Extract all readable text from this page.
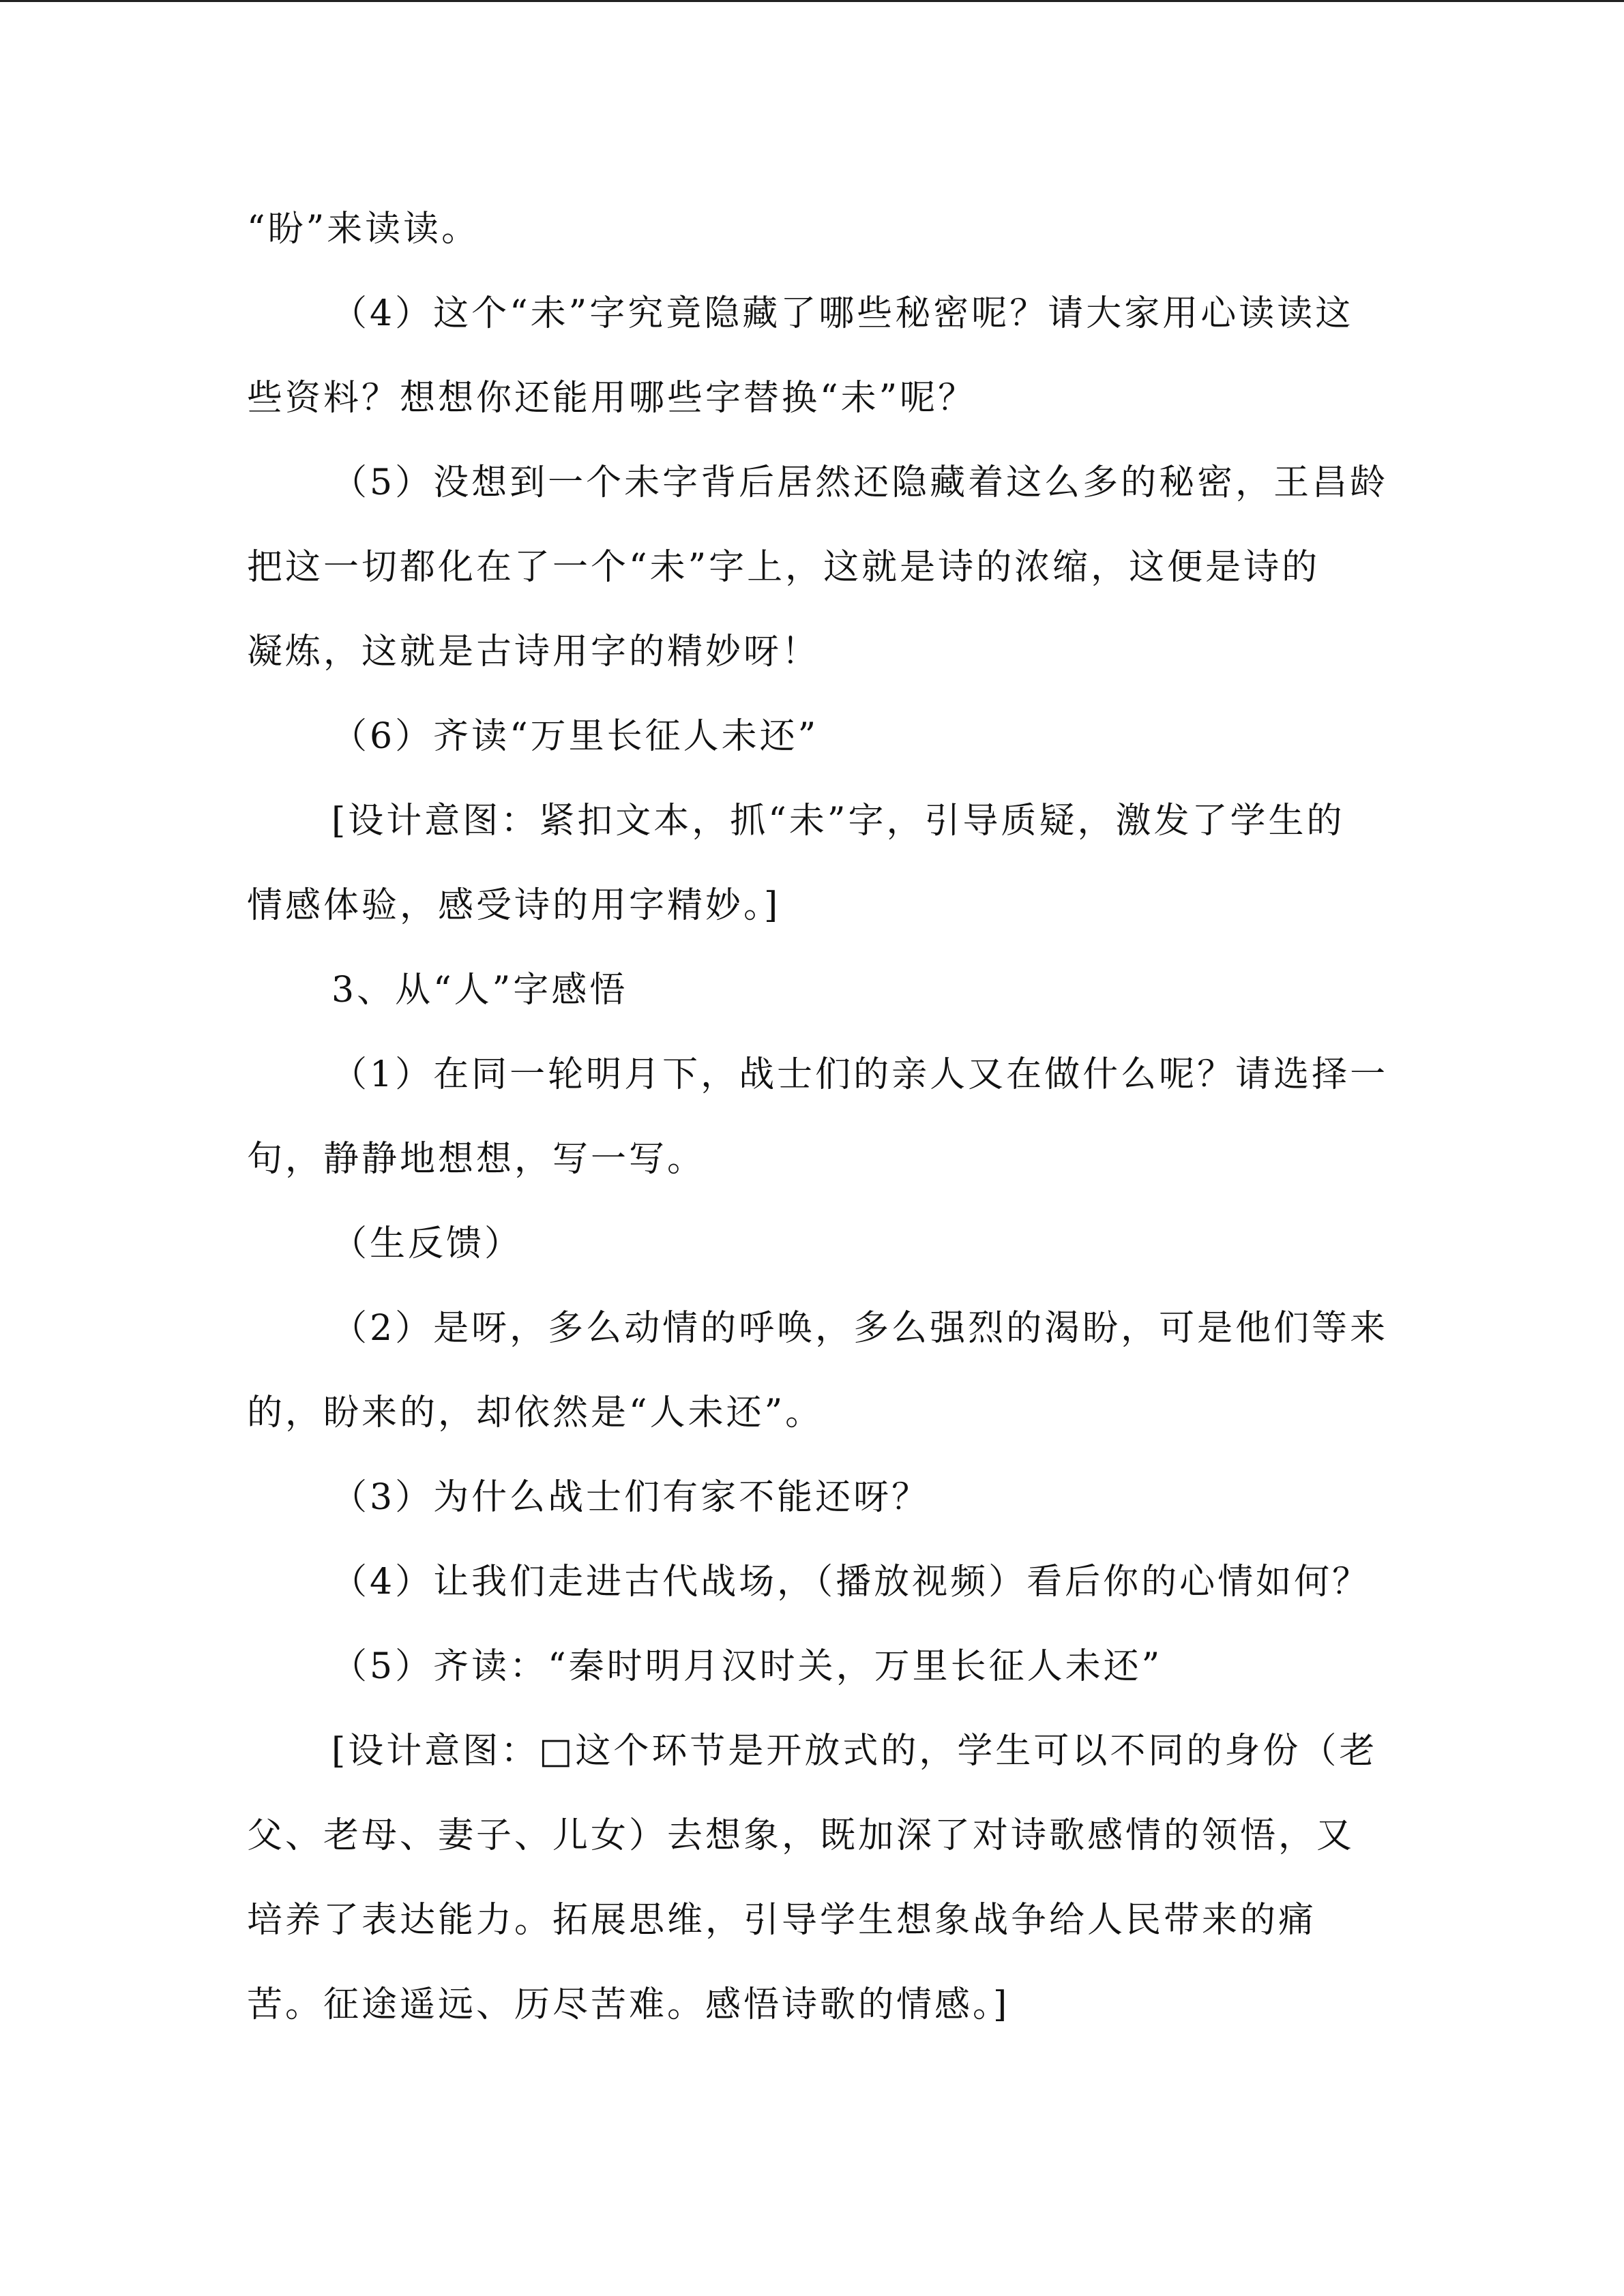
“盼”来读读。
（4）这个“未”字究竟隐藏了哪些秘密呢？请大家用心读读这
些资料？想想你还能用哪些字替换“未”呢？
（5）没想到一个未字背后居然还隐藏着这么多的秘密，王昌龄
把这一切都化在了一个“未”字上，这就是诗的浓缩，这便是诗的
凝炼，这就是古诗用字的精妙呀！
（6）齐读“万里长征人未还”
[设计意图：紧扣文本，抓“未”字，引导质疑，激发了学生的
情感体验，感受诗的用字精妙。]
3、从“人”字感悟
（1）在同一轮明月下，战士们的亲人又在做什么呢？请选择一
句，静静地想想，写一写。
（生反馈）
（2）是呀，多么动情的呼唤，多么强烈的渴盼，可是他们等来
的，盼来的，却依然是“人未还”。
（3）为什么战士们有家不能还呀？
（4）让我们走进古代战场，（播放视频）看后你的心情如何？
（5）齐读：“秦时明月汉时关，万里长征人未还”
[设计意图：□这个环节是开放式的，学生可以不同的身份（老
父、老母、妻子、儿女）去想象，既加深了对诗歌感情的领悟，又
培养了表达能力。拓展思维，引导学生想象战争给人民带来的痛
苦。征途遥远、历尽苦难。感悟诗歌的情感。]
